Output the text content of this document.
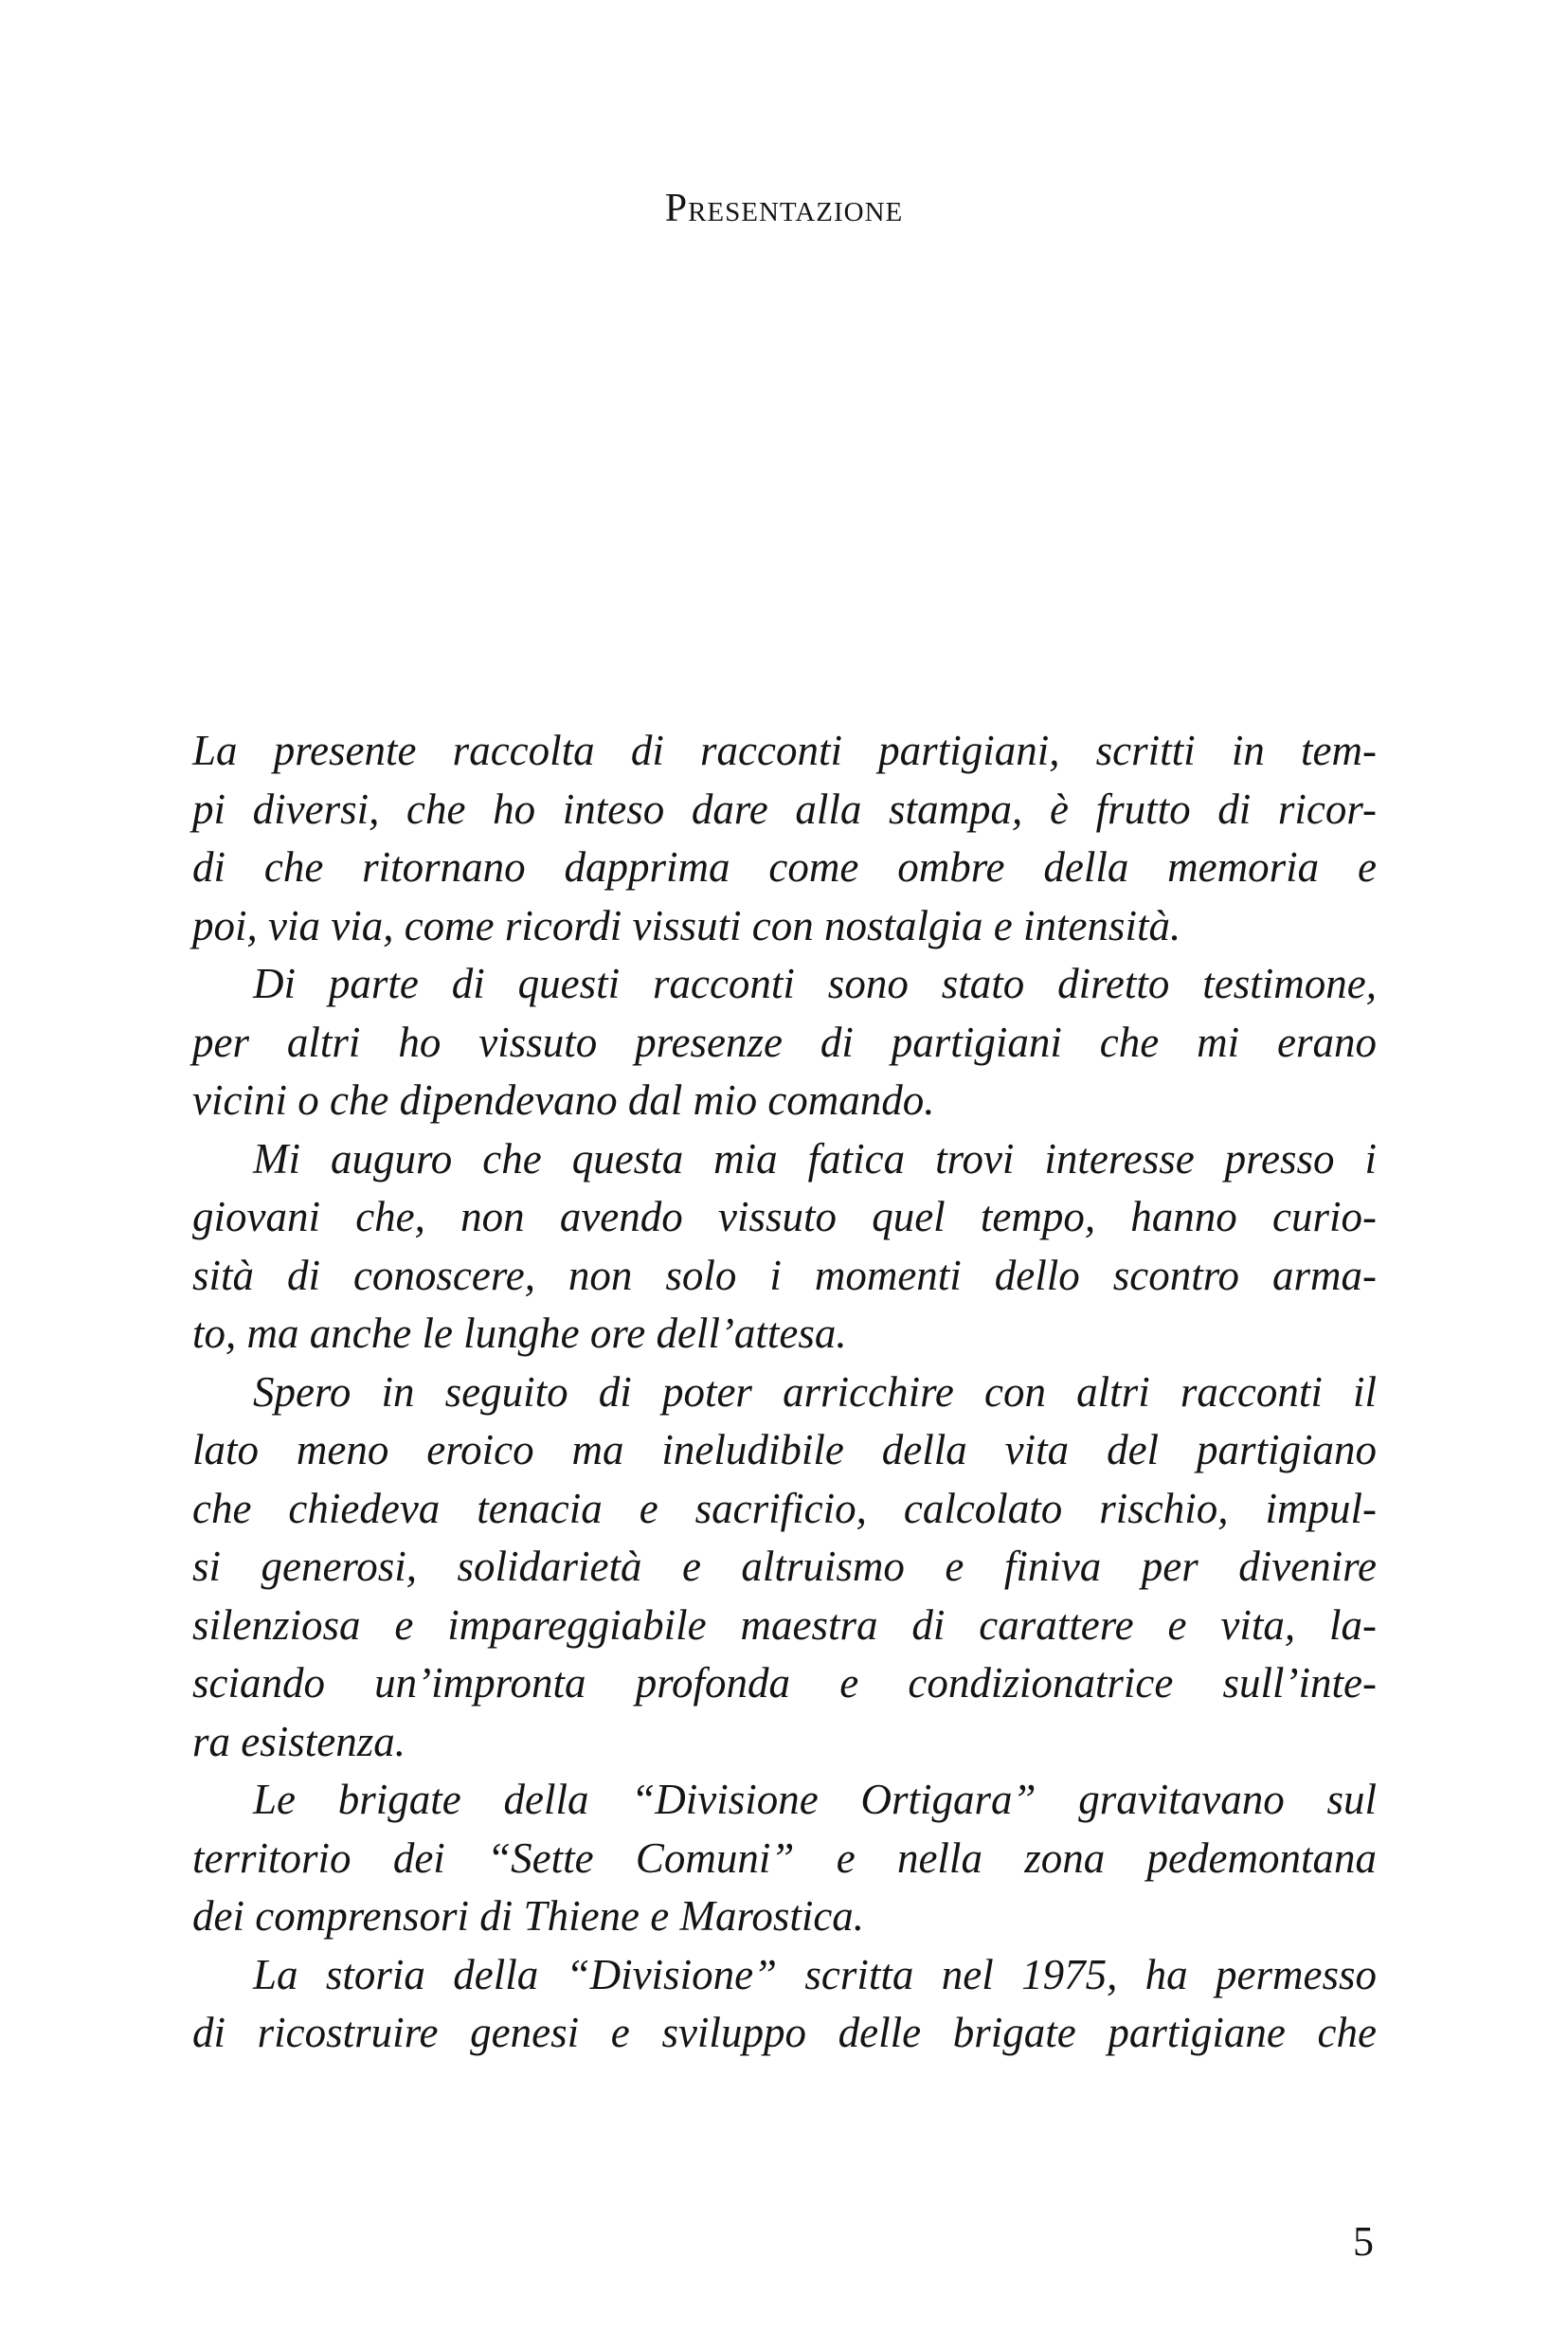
Presentazione
La presente raccolta di racconti partigiani, scritti in tem-
pi diversi, che ho inteso dare alla stampa, è frutto di ricor-
di che ritornano dapprima come ombre della memoria e
poi, via via, come ricordi vissuti con nostalgia e intensità.
Di parte di questi racconti sono stato diretto testimone,
per altri ho vissuto presenze di partigiani che mi erano
vicini o che dipendevano dal mio comando.
Mi auguro che questa mia fatica trovi interesse presso i
giovani che, non avendo vissuto quel tempo, hanno curio-
sità di conoscere, non solo i momenti dello scontro arma-
to, ma anche le lunghe ore dell’attesa.
Spero in seguito di poter arricchire con altri racconti il
lato meno eroico ma ineludibile della vita del partigiano
che chiedeva tenacia e sacrificio, calcolato rischio, impul-
si generosi, solidarietà e altruismo e finiva per divenire
silenziosa e impareggiabile maestra di carattere e vita, la-
sciando un’impronta profonda e condizionatrice sull’inte-
ra esistenza.
Le brigate della “Divisione Ortigara” gravitavano sul
territorio dei “Sette Comuni” e nella zona pedemontana
dei comprensori di Thiene e Marostica.
La storia della “Divisione” scritta nel 1975, ha permesso
di ricostruire genesi e sviluppo delle brigate partigiane che

5
